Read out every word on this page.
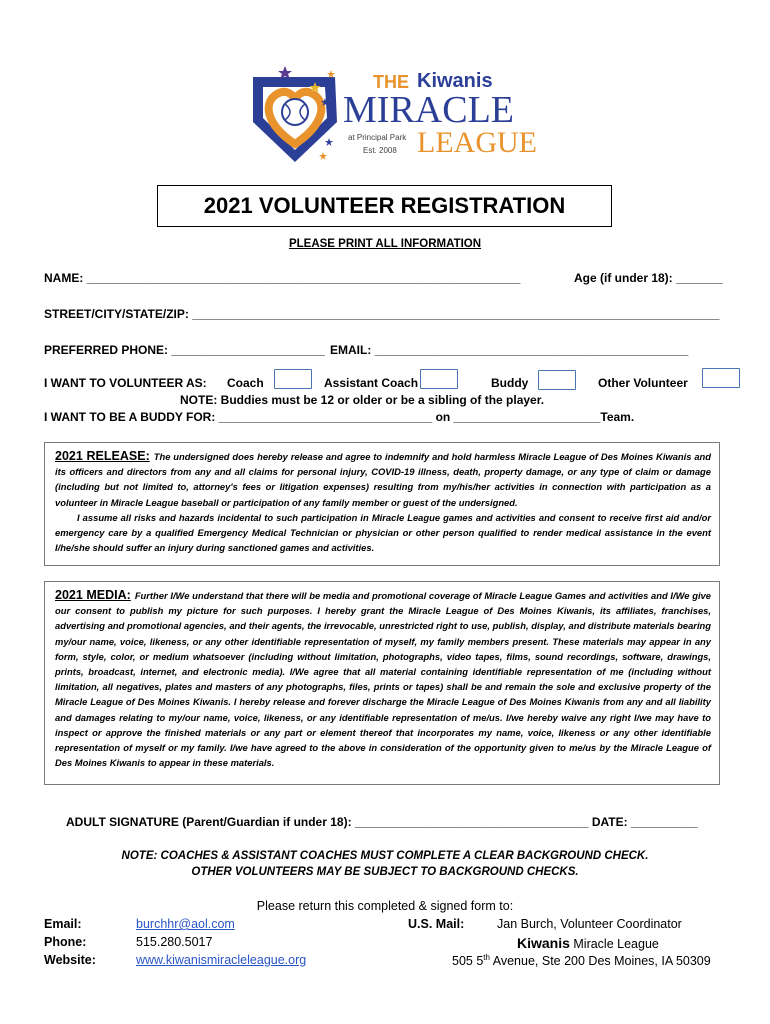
THE Kiwanis
MIRACLE
LEAGUE
at Principal Park
Est. 2008
2021 VOLUNTEER REGISTRATION
PLEASE PRINT ALL INFORMATION
NAME: _________________________________________________________________	Age (if under 18): _______
STREET/CITY/STATE/ZIP: _______________________________________________________________________________
PREFERRED PHONE: _______________________ EMAIL: _______________________________________________
I WANT TO VOLUNTEER AS: Coach	Assistant Coach	Buddy	Other Volunteer
NOTE: Buddies must be 12 or older or be a sibling of the player.
I WANT TO BE A BUDDY FOR: ________________________________ on ______________________Team.
2021 RELEASE: The undersigned does hereby release and agree to indemnify and hold harmless Miracle League of Des Moines Kiwanis and its officers and directors from any and all claims for personal injury, COVID-19 illness, death, property damage, or any type of claim or damage (including but not limited to, attorney's fees or litigation expenses) resulting from my/his/her activities in connection with participation as a volunteer in Miracle League baseball or participation of any family member or guest of the undersigned.
I assume all risks and hazards incidental to such participation in Miracle League games and activities and consent to receive first aid and/or emergency care by a qualified Emergency Medical Technician or physician or other person qualified to render medical assistance in the event I/he/she should suffer an injury during sanctioned games and activities.
2021 MEDIA: Further I/We understand that there will be media and promotional coverage of Miracle League Games and activities and I/We give our consent to publish my picture for such purposes. I hereby grant the Miracle League of Des Moines Kiwanis, its affiliates, franchises, advertising and promotional agencies, and their agents, the irrevocable, unrestricted right to use, publish, display, and distribute materials bearing my/our name, voice, likeness, or any other identifiable representation of myself, my family members present. These materials may appear in any form, style, color, or medium whatsoever (including without limitation, photographs, video tapes, films, sound recordings, software, drawings, prints, broadcast, internet, and electronic media). I/We agree that all material containing identifiable representation of me (including without limitation, all negatives, plates and masters of any photographs, files, prints or tapes) shall be and remain the sole and exclusive property of the Miracle League of Des Moines Kiwanis. I hereby release and forever discharge the Miracle League of Des Moines Kiwanis from any and all liability and damages relating to my/our name, voice, likeness, or any identifiable representation of me/us. I/we hereby waive any right I/we may have to inspect or approve the finished materials or any part or element thereof that incorporates my name, voice, likeness or any other identifiable representation of myself or my family. I/we have agreed to the above in consideration of the opportunity given to me/us by the Miracle League of Des Moines Kiwanis to appear in these materials.
ADULT SIGNATURE (Parent/Guardian if under 18): ___________________________________ DATE: __________
NOTE: COACHES & ASSISTANT COACHES MUST COMPLETE A CLEAR BACKGROUND CHECK.
OTHER VOLUNTEERS MAY BE SUBJECT TO BACKGROUND CHECKS.
Please return this completed & signed form to:
Email:	burchhr@aol.com
Phone:	515.280.5017
Website:	www.kiwanismiracleleague.org
U.S. Mail:	Jan Burch, Volunteer Coordinator
Kiwanis Miracle League
505 5th Avenue, Ste 200 Des Moines, IA 50309
